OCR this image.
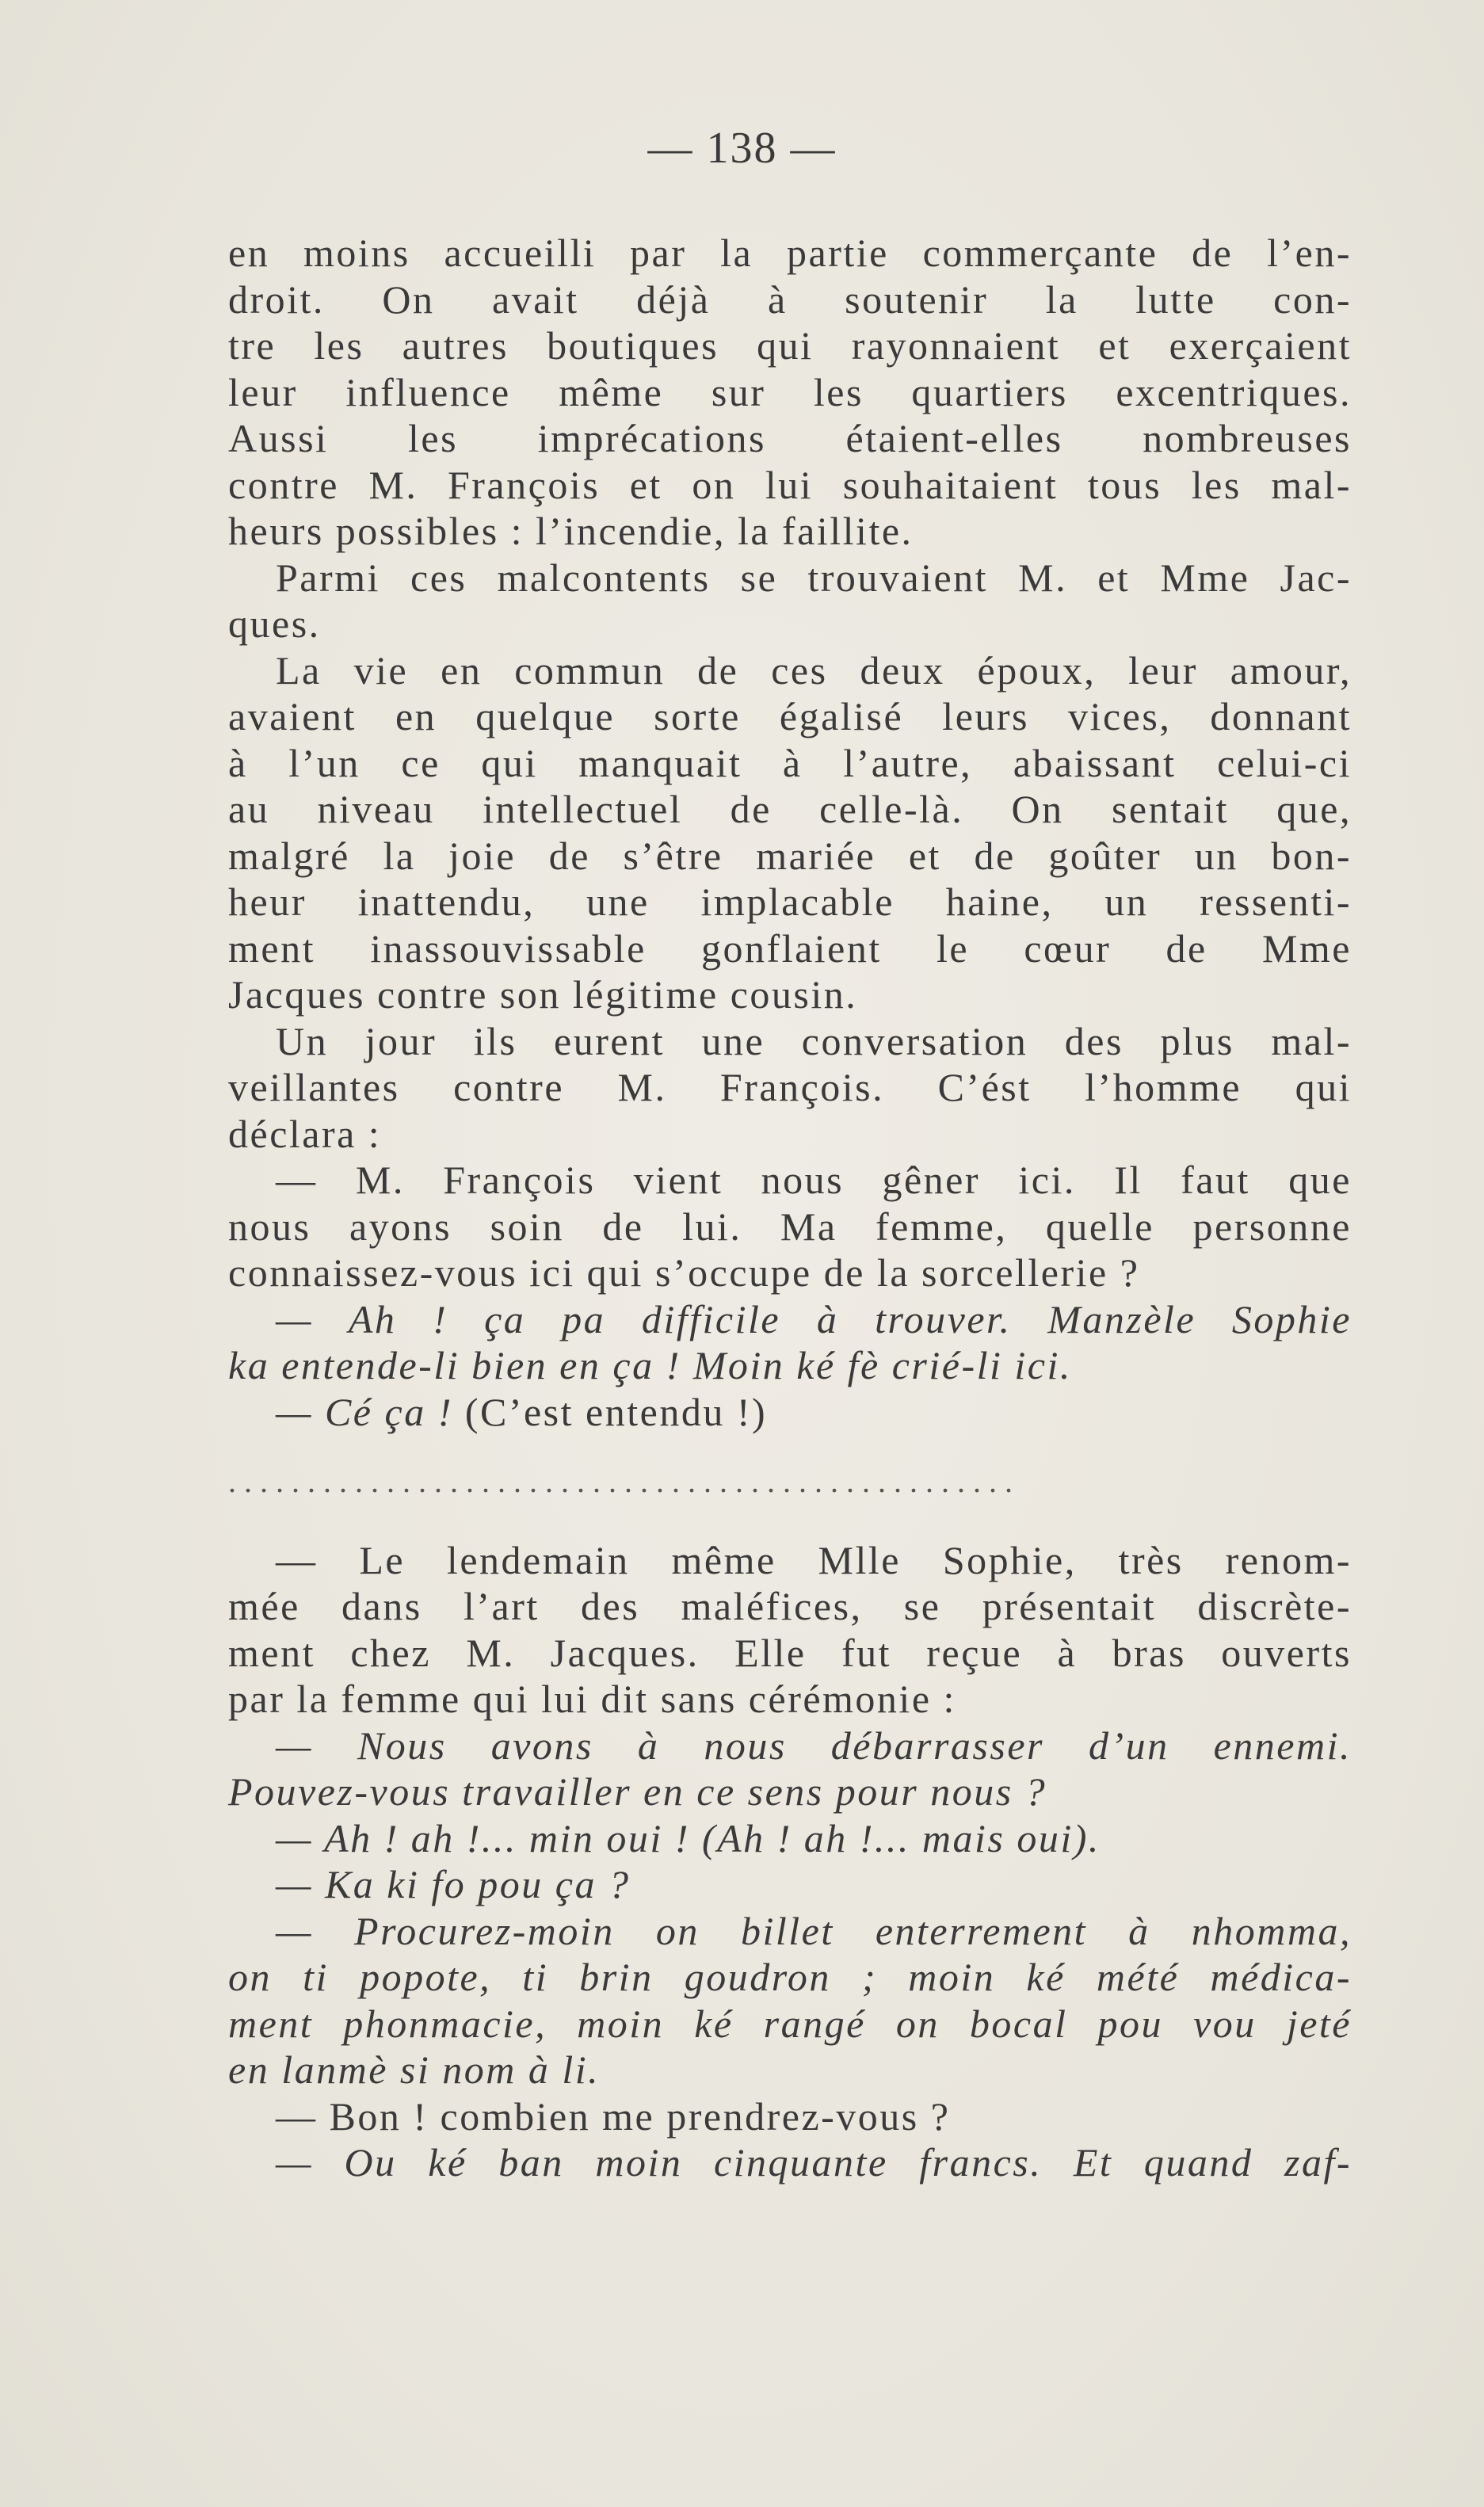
— 138 —
en moins accueilli par la partie commerçante de l’en-
droit. On avait déjà à soutenir la lutte con-
tre les autres boutiques qui rayonnaient et exerçaient
leur influence même sur les quartiers excentriques.
Aussi les imprécations étaient-elles nombreuses
contre M. François et on lui souhaitaient tous les mal-
heurs possibles : l’incendie, la faillite.
Parmi ces malcontents se trouvaient M. et Mme Jac-
ques.
La vie en commun de ces deux époux, leur amour,
avaient en quelque sorte égalisé leurs vices, donnant
à l’un ce qui manquait à l’autre, abaissant celui-ci
au niveau intellectuel de celle-là. On sentait que,
malgré la joie de s’être mariée et de goûter un bon-
heur inattendu, une implacable haine, un ressenti-
ment inassouvissable gonflaient le cœur de Mme
Jacques contre son légitime cousin.
Un jour ils eurent une conversation des plus mal-
veillantes contre M. François. C’ést l’homme qui
déclara :
— M. François vient nous gêner ici. Il faut que
nous ayons soin de lui. Ma femme, quelle personne
connaissez-vous ici qui s’occupe de la sorcellerie ?
— Ah ! ça pa difficile à trouver. Manzèle Sophie
ka entende-li bien en ça ! Moin ké fè crié-li ici.
— Cé ça ! (C’est entendu !)
. . . . . . . . . . . . . . . . . . . . . . . . . . . . . . . . . . . . . . . . . . . . . . . . . .
— Le lendemain même Mlle Sophie, très renom-
mée dans l’art des maléfices, se présentait discrète-
ment chez M. Jacques. Elle fut reçue à bras ouverts
par la femme qui lui dit sans cérémonie :
— Nous avons à nous débarrasser d’un ennemi.
Pouvez-vous travailler en ce sens pour nous ?
— Ah ! ah !... min oui ! (Ah ! ah !... mais oui).
— Ka ki fo pou ça ?
— Procurez-moin on billet enterrement à nhomma,
on ti popote, ti brin goudron ; moin ké mété médica-
ment phonmacie, moin ké rangé on bocal pou vou jeté
en lanmè si nom à li.
— Bon ! combien me prendrez-vous ?
— Ou ké ban moin cinquante francs. Et quand zaf-
